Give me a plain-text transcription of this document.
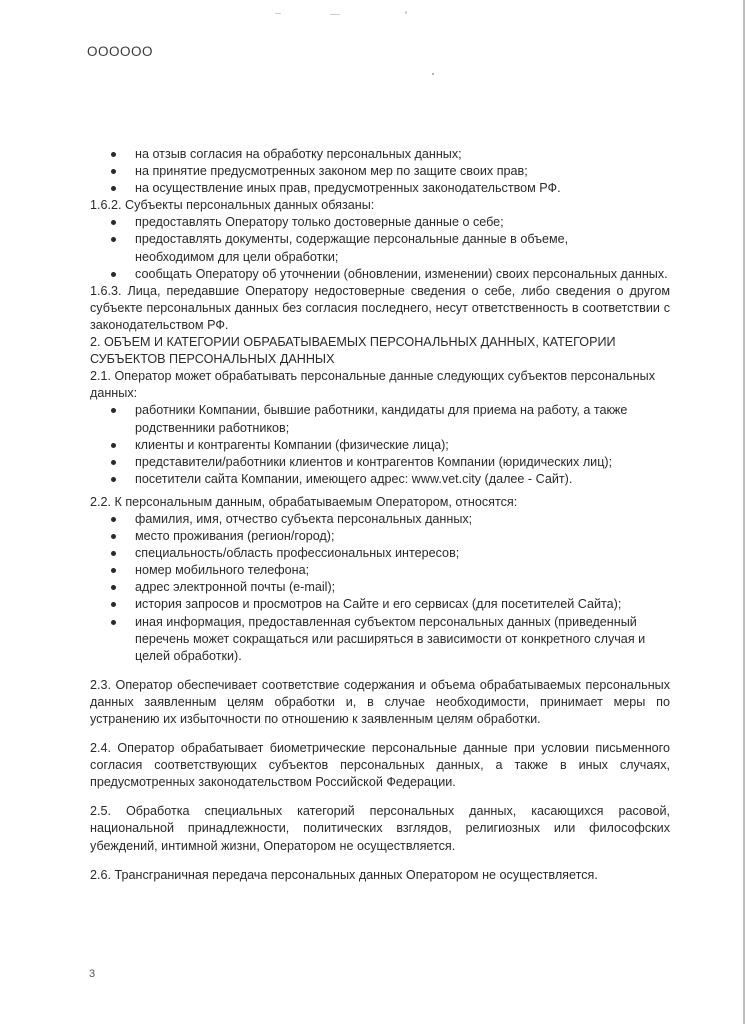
OOOOOO
на отзыв согласия на обработку персональных данных;
на принятие предусмотренных законом мер по защите своих прав;
на осуществление иных прав, предусмотренных законодательством РФ.

1.6.2. Субъекты персональных данных обязаны:

предоставлять Оператору только достоверные данные о себе;
предоставлять документы, содержащие персональные данные в объеме, необходимом для цели обработки;
сообщать Оператору об уточнении (обновлении, изменении) своих персональных данных.

1.6.3. Лица, передавшие Оператору недостоверные сведения о себе, либо сведения о другом субъекте персональных данных без согласия последнего, несут ответственность в соответствии с законодательством РФ.

2. ОБЪЕМ И КАТЕГОРИИ ОБРАБАТЫВАЕМЫХ ПЕРСОНАЛЬНЫХ ДАННЫХ, КАТЕГОРИИ СУБЪЕКТОВ ПЕРСОНАЛЬНЫХ ДАННЫХ

2.1. Оператор может обрабатывать персональные данные следующих субъектов персональных данных:

работники Компании, бывшие работники, кандидаты для приема на работу, а также родственники работников;
клиенты и контрагенты Компании (физические лица);
представители/работники клиентов и контрагентов Компании (юридических лиц);
посетители сайта Компании, имеющего адрес: www.vet.city (далее - Сайт).

2.2. К персональным данным, обрабатываемым Оператором, относятся:

фамилия, имя, отчество субъекта персональных данных;
место проживания (регион/город);
специальность/область профессиональных интересов;
номер мобильного телефона;
адрес электронной почты (e-mail);
история запросов и просмотров на Сайте и его сервисах (для посетителей Сайта);
иная информация, предоставленная субъектом персональных данных (приведенный перечень может сокращаться или расширяться в зависимости от конкретного случая и целей обработки).

2.3. Оператор обеспечивает соответствие содержания и объема обрабатываемых персональных данных заявленным целям обработки и, в случае необходимости, принимает меры по устранению их избыточности по отношению к заявленным целям обработки.

2.4. Оператор обрабатывает биометрические персональные данные при условии письменного согласия соответствующих субъектов персональных данных, а также в иных случаях, предусмотренных законодательством Российской Федерации.

2.5. Обработка специальных категорий персональных данных, касающихся расовой, национальной принадлежности, политических взглядов, религиозных или философских убеждений, интимной жизни, Оператором не осуществляется.

2.6. Трансграничная передача персональных данных Оператором не осуществляется.

3
